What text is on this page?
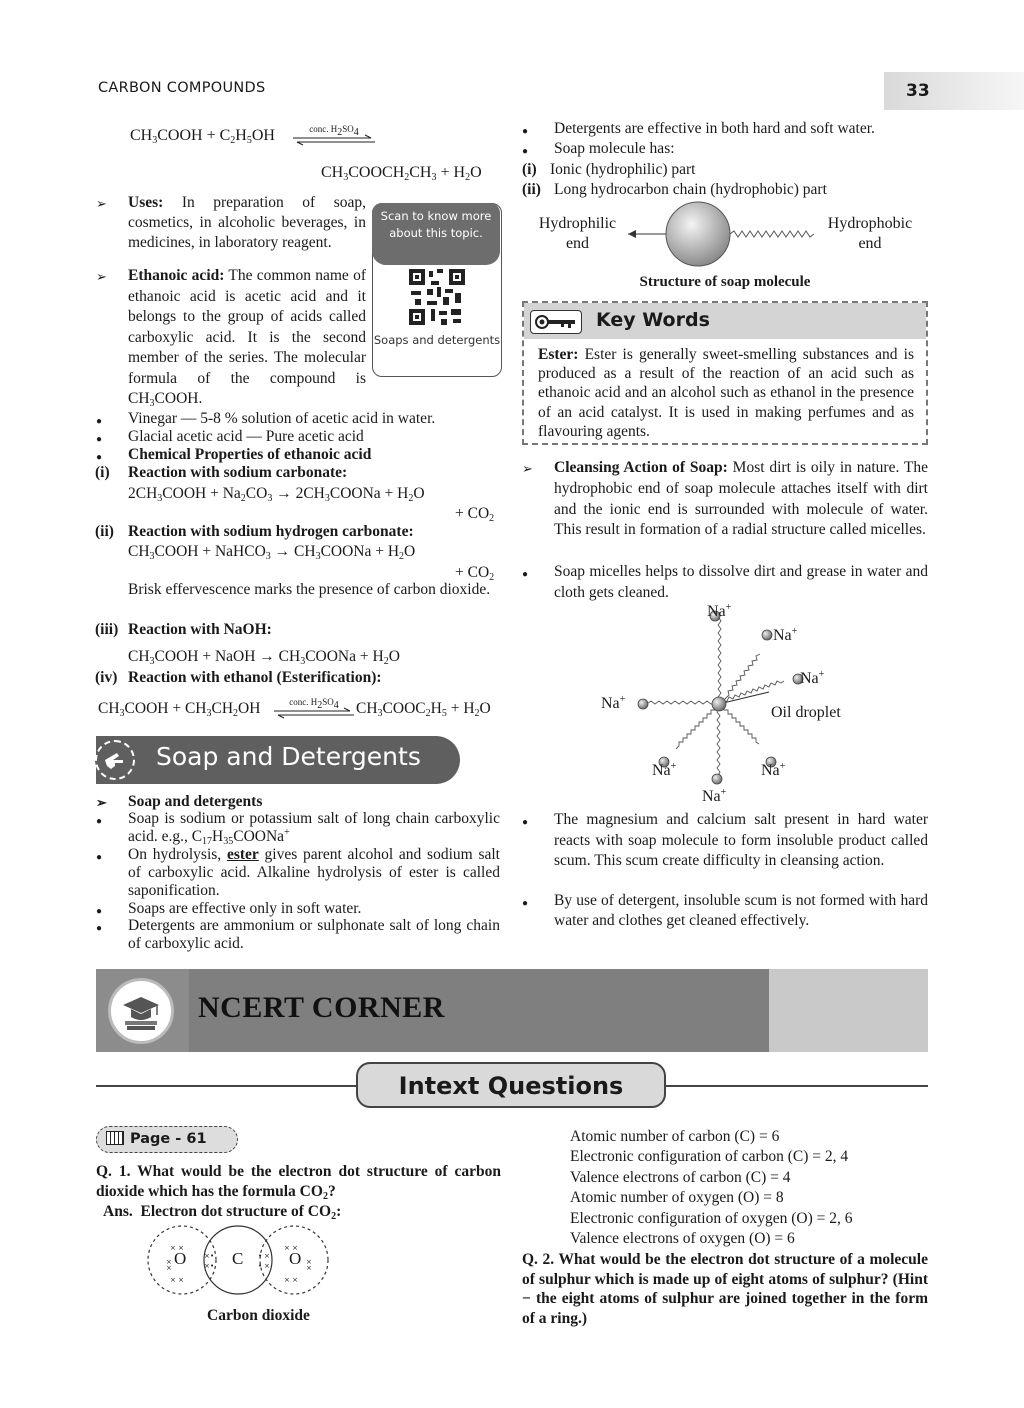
CARBON COMPOUNDS	33
$CH_3COOH + C_2H_5OH$	conc. $H_2SO_4$
$CH_3COOCH_2CH_3 + H_2O$
➢ Uses: In preparation of soap, cosmetics, in alcoholic beverages, in medicines, in laboratory reagent.
Scan to know more about this topic.
Soaps and detergents
➢ Ethanoic acid: The common name of ethanoic acid is acetic acid and it belongs to the group of acids called carboxylic acid. It is the second member of the series. The molecular formula of the compound is $CH_3COOH$.
● Vinegar — 5-8 % solution of acetic acid in water.
● Glacial acetic acid — Pure acetic acid
● Chemical Properties of ethanoic acid
(i) Reaction with sodium carbonate:
$2CH_3COOH + Na_2CO_3$ → $2CH_3COONa + H_2O$
+ $CO_2$
(ii) Reaction with sodium hydrogen carbonate:
$CH_3COOH$ + NaHCO$_3$ → $CH_3COONa + H_2O$
+ $CO_2$
Brisk effervescence marks the presence of carbon dioxide.
(iii) Reaction with NaOH:
$CH_3COOH$ + NaOH → $CH_3COONa + H_2O$
(iv) Reaction with ethanol (Esterification):
$CH_3COOH + CH_3CH_2OH$	conc. $H_2SO_4$	$CH_3COOC_2H_5 + H_2O$
Soap and Detergents
➢ Soap and detergents
● Soap is sodium or potassium salt of long chain carboxylic acid. e.g., $C_{17}H_{35}COONa^+$
● On hydrolysis, ester gives parent alcohol and sodium salt of carboxylic acid. Alkaline hydrolysis of ester is called saponification.
● Soaps are effective only in soft water.
● Detergents are ammonium or sulphonate salt of long chain of carboxylic acid.
● Detergents are effective in both hard and soft water.
● Soap molecule has:
(i) Ionic (hydrophilic) part
(ii) Long hydrocarbon chain (hydrophobic) part
Hydrophilic end
Hydrophobic end
Structure of soap molecule
Key Words
Ester: Ester is generally sweet-smelling substances and is produced as a result of the reaction of an acid such as ethanoic acid and an alcohol such as ethanol in the presence of an acid catalyst. It is used in making perfumes and as flavouring agents.
➢ Cleansing Action of Soap: Most dirt is oily in nature. The hydrophobic end of soap molecule attaches itself with dirt and the ionic end is surrounded with molecule of water. This result in formation of a radial structure called micelles.
● Soap micelles helps to dissolve dirt and grease in water and cloth gets cleaned.
Na+
Na+
Na+
Na+
Oil droplet
Na+	Na+
Na+
● The magnesium and calcium salt present in hard water reacts with soap molecule to form insoluble product called scum. This scum create difficulty in cleansing action.
● By use of detergent, insoluble scum is not formed with hard water and clothes get cleaned effectively.
NCERT CORNER
Intext Questions
Page - 61
Q. 1. What would be the electron dot structure of carbon dioxide which has the formula $CO_2$?
Ans.  Electron dot structure of $CO_2$:
× ×
×
×
× ×
×
×
•
•
•
•
×
×
× ×
×
×
× ×
O	C	O
Carbon dioxide
Atomic number of carbon (C) = 6
Electronic configuration of carbon (C) = 2, 4
Valence electrons of carbon (C) = 4
Atomic number of oxygen (O) = 8
Electronic configuration of oxygen (O) = 2, 6
Valence electrons of oxygen (O) = 6
Q. 2. What would be the electron dot structure of a molecule of sulphur which is made up of eight atoms of sulphur? (Hint − the eight atoms of sulphur are joined together in the form of a ring.)
